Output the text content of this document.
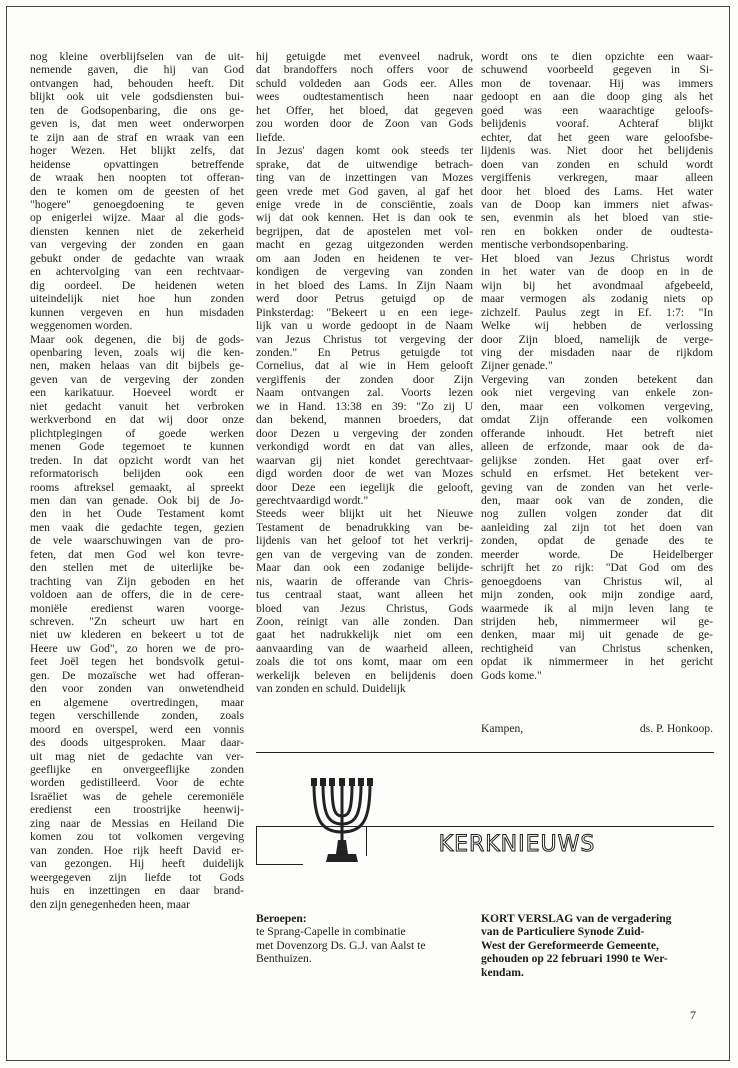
nog kleine overblijfselen van de uit-
nemende gaven, die hij van God
ontvangen had, behouden heeft. Dit
blijkt ook uit vele godsdiensten bui-
ten de Godsopenbaring, die ons ge-
geven is, dat men weet onderworpen
te zijn aan de straf en wraak van een
hoger Wezen. Het blijkt zelfs, dat
heidense opvattingen betreffende
de wraak hen noopten tot offeran-
den te komen om de geesten of het
"hogere" genoegdoening te geven
op enigerlei wijze. Maar al die gods-
diensten kennen niet de zekerheid
van vergeving der zonden en gaan
gebukt onder de gedachte van wraak
en achtervolging van een rechtvaar-
dig oordeel. De heidenen weten
uiteindelijk niet hoe hun zonden
kunnen vergeven en hun misdaden
weggenomen worden.

Maar ook degenen, die bij de gods-
openbaring leven, zoals wij die ken-
nen, maken helaas van dit bijbels ge-
geven van de vergeving der zonden
een karikatuur. Hoeveel wordt er
niet gedacht vanuit het verbroken
werkverbond en dat wij door onze
plichtplegingen of goede werken
menen Gode tegemoet te kunnen
treden. In dat opzicht wordt van het
reformatorisch belijden ook een
rooms aftreksel gemaakt, al spreekt
men dan van genade. Ook bij de Jo-
den in het Oude Testament komt
men vaak die gedachte tegen, gezien
de vele waarschuwingen van de pro-
feten, dat men God wel kon tevre-
den stellen met de uiterlijke be-
trachting van Zijn geboden en het
voldoen aan de offers, die in de cere-
moniële eredienst waren voorge-
schreven. "Zn scheurt uw hart en
niet uw klederen en bekeert u tot de
Heere uw God", zo horen we de pro-
feet Joël tegen het bondsvolk getui-
gen. De mozaïsche wet had offeran-
den voor zonden van onwetendheid
en algemene overtredingen, maar
tegen verschillende zonden, zoals
moord en overspel, werd een vonnis
des doods uitgesproken. Maar daar-
uit mag niet de gedachte van ver-
geeflijke en onvergeeflijke zonden
worden gedistilleerd. Voor de echte
Israëliet was de gehele ceremoniële
eredienst een troostrijke heenwij-
zing naar de Messias en Heiland Die
komen zou tot volkomen vergeving
van zonden. Hoe rijk heeft David er-
van gezongen. Hij heeft duidelijk
weergegeven zijn liefde tot Gods
huis en inzettingen en daar brand-
den zijn genegenheden heen, maar

hij getuigde met evenveel nadruk,
dat brandoffers noch offers voor de
schuld voldeden aan Gods eer. Alles
wees oudtestamentisch heen naar
het Offer, het bloed, dat gegeven
zou worden door de Zoon van Gods
liefde.

In Jezus' dagen komt ook steeds ter
sprake, dat de uitwendige betrach-
ting van de inzettingen van Mozes
geen vrede met God gaven, al gaf het
enige vrede in de consciëntie, zoals
wij dat ook kennen. Het is dan ook te
begrijpen, dat de apostelen met vol-
macht en gezag uitgezonden werden
om aan Joden en heidenen te ver-
kondigen de vergeving van zonden
in het bloed des Lams. In Zijn Naam
werd door Petrus getuigd op de
Pinksterdag: "Bekeert u en een iege-
lijk van u worde gedoopt in de Naam
van Jezus Christus tot vergeving der
zonden." En Petrus getuigde tot
Cornelius, dat al wie in Hem gelooft
vergiffenis der zonden door Zijn
Naam ontvangen zal. Voorts lezen
we in Hand. 13:38 en 39: "Zo zij U
dan bekend, mannen broeders, dat
door Dezen u vergeving der zonden
verkondigd wordt en dat van alles,
waarvan gij niet kondet gerechtvaar-
digd worden door de wet van Mozes
door Deze een iegelijk die gelooft,
gerechtvaardigd wordt."

Steeds weer blijkt uit het Nieuwe
Testament de benadrukking van be-
lijdenis van het geloof tot het verkrij-
gen van de vergeving van de zonden.
Maar dan ook een zodanige belijde-
nis, waarin de offerande van Chris-
tus centraal staat, want alleen het
bloed van Jezus Christus, Gods
Zoon, reinigt van alle zonden. Dan
gaat het nadrukkelijk niet om een
aanvaarding van de waarheid alleen,
zoals die tot ons komt, maar om een
werkelijk beleven en belijdenis doen
van zonden en schuld. Duidelijk

wordt ons te dien opzichte een waar-
schuwend voorbeeld gegeven in Si-
mon de tovenaar. Hij was immers
gedoopt en aan die doop ging als het
goed was een waarachtige geloofs-
belijdenis vooraf. Achteraf blijkt
echter, dat het geen ware geloofsbe-
lijdenis was. Niet door het belijdenis
doen van zonden en schuld wordt
vergiffenis verkregen, maar alleen
door het bloed des Lams. Het water
van de Doop kan immers niet afwas-
sen, evenmin als het bloed van stie-
ren en bokken onder de oudtesta-
mentische verbondsopenbaring.

Het bloed van Jezus Christus wordt
in het water van de doop en in de
wijn bij het avondmaal afgebeeld,
maar vermogen als zodanig niets op
zichzelf. Paulus zegt in Ef. 1:7: "In
Welke wij hebben de verlossing
door Zijn bloed, namelijk de verge-
ving der misdaden naar de rijkdom
Zijner genade."

Vergeving van zonden betekent dan
ook niet vergeving van enkele zon-
den, maar een volkomen vergeving,
omdat Zijn offerande een volkomen
offerande inhoudt. Het betreft niet
alleen de erfzonde, maar ook de da-
gelijkse zonden. Het gaat over erf-
schuld en erfsmet. Het betekent ver-
geving van de zonden van het verle-
den, maar ook van de zonden, die
nog zullen volgen zonder dat dit
aanleiding zal zijn tot het doen van
zonden, opdat de genade des te
meerder worde. De Heidelberger
schrijft het zo rijk: "Dat God om des
genoegdoens van Christus wil, al
mijn zonden, ook mijn zondige aard,
waarmede ik al mijn leven lang te
strijden heb, nimmermeer wil ge-
denken, maar mij uit genade de ge-
rechtigheid van Christus schenken,
opdat ik nimmermeer in het gericht
Gods kome."

Kampen,	ds. P. Honkoop.
KERKNIEUWS
Beroepen:

te Sprang-Capelle in combinatie
met Dovenzorg Ds. G.J. van Aalst te
Benthuizen.

KORT VERSLAG van de vergadering
van de Particuliere Synode Zuid-
West der Gereformeerde Gemeente,
gehouden op 22 februari 1990 te Wer-
kendam.
7
